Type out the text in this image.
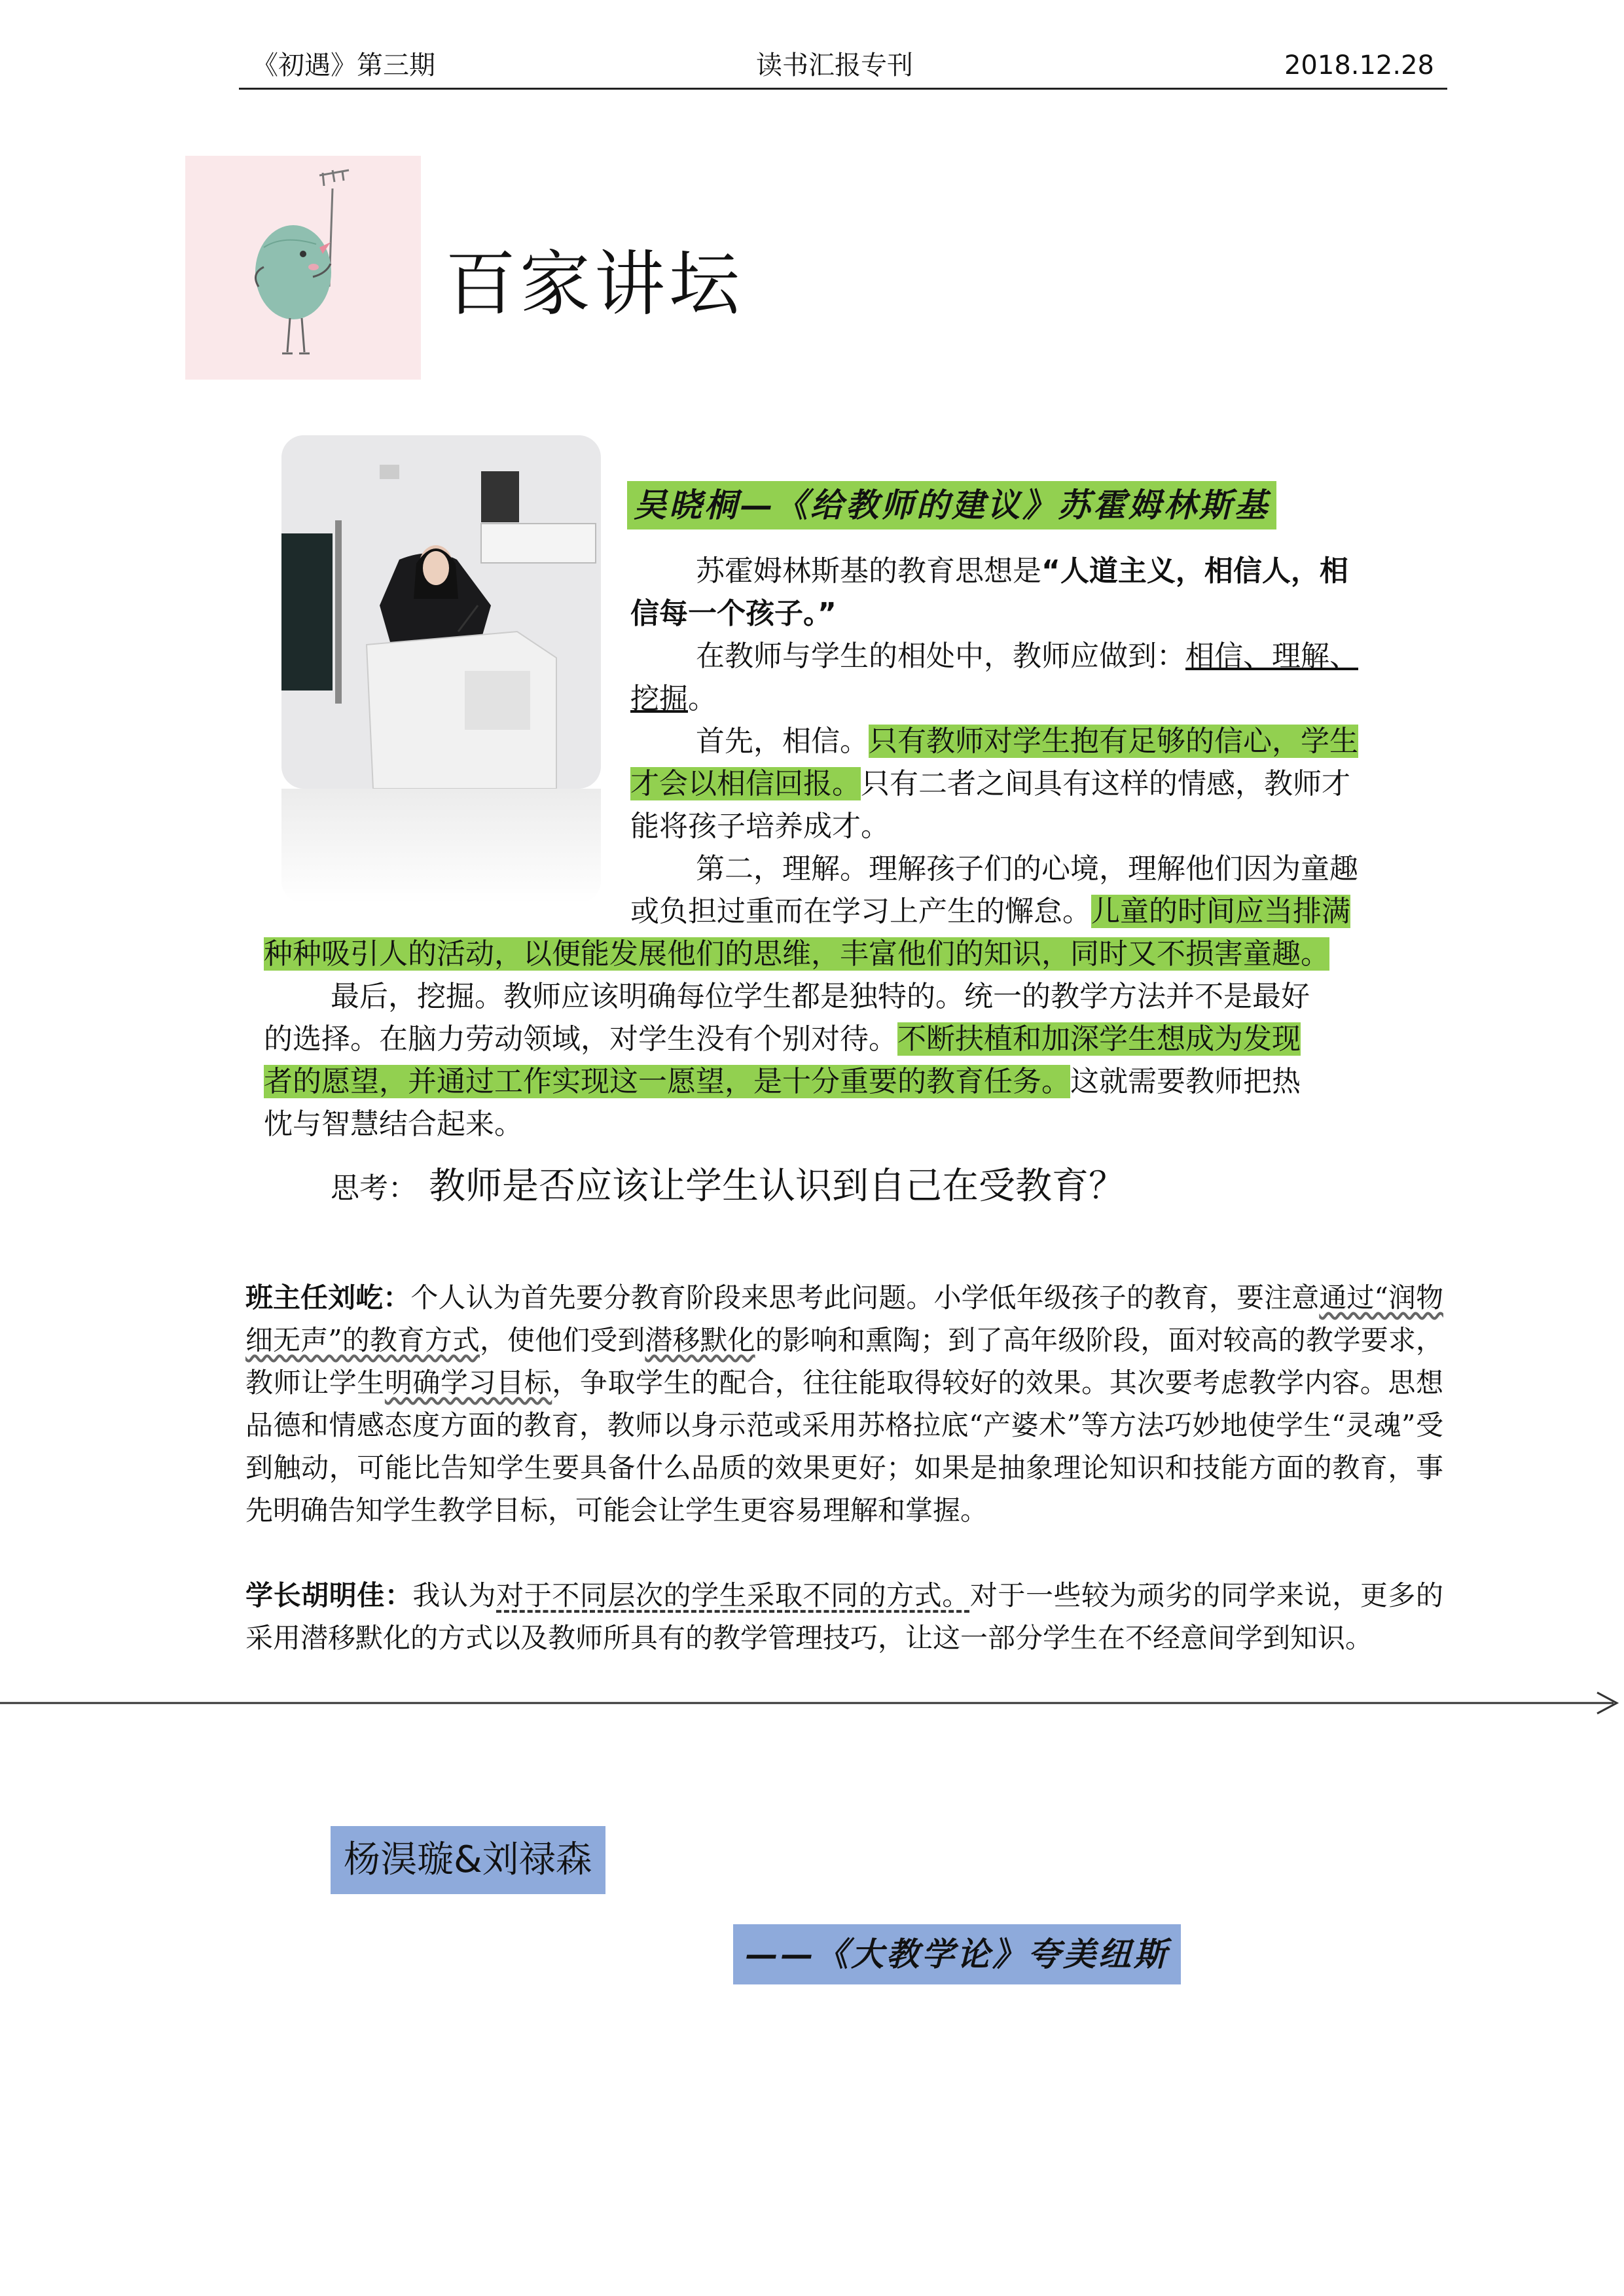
《初遇》第三期	读书汇报专刊	2018.12.28
百家讲坛
吴晓桐—《给教师的建议》苏霍姆林斯基

苏霍姆林斯基的教育思想是“人道主义，相信人，相

信每一个孩子。”

在教师与学生的相处中，教师应做到：相信、理解、

挖掘。

首先，相信。只有教师对学生抱有足够的信心，学生

才会以相信回报。只有二者之间具有这样的情感，教师才

能将孩子培养成才。

第二，理解。理解孩子们的心境，理解他们因为童趣

或负担过重而在学习上产生的懈怠。儿童的时间应当排满

种种吸引人的活动，以便能发展他们的思维，丰富他们的知识，同时又不损害童趣。

最后，挖掘。教师应该明确每位学生都是独特的。统一的教学方法并不是最好

的选择。在脑力劳动领域，对学生没有个别对待。不断扶植和加深学生想成为发现

者的愿望，并通过工作实现这一愿望，是十分重要的教育任务。这就需要教师把热

忱与智慧结合起来。

思考： 教师是否应该让学生认识到自己在受教育？

班主任刘屹：个人认为首先要分教育阶段来思考此问题。小学低年级孩子的教育，要注意通过“润物细无声”的教育方式，使他们受到潜移默化的影响和熏陶；到了高年级阶段，面对较高的教学要求，教师让学生明确学习目标，争取学生的配合，往往能取得较好的效果。其次要考虑教学内容。思想品德和情感态度方面的教育，教师以身示范或采用苏格拉底“产婆术”等方法巧妙地使学生“灵魂”受到触动，可能比告知学生要具备什么品质的效果更好；如果是抽象理论知识和技能方面的教育，事先明确告知学生教学目标，可能会让学生更容易理解和掌握。

学长胡明佳：我认为对于不同层次的学生采取不同的方式。对于一些较为顽劣的同学来说，更多的采用潜移默化的方式以及教师所具有的教学管理技巧，让这一部分学生在不经意间学到知识。

杨淏璇&刘禄森
——《大教学论》夸美纽斯
